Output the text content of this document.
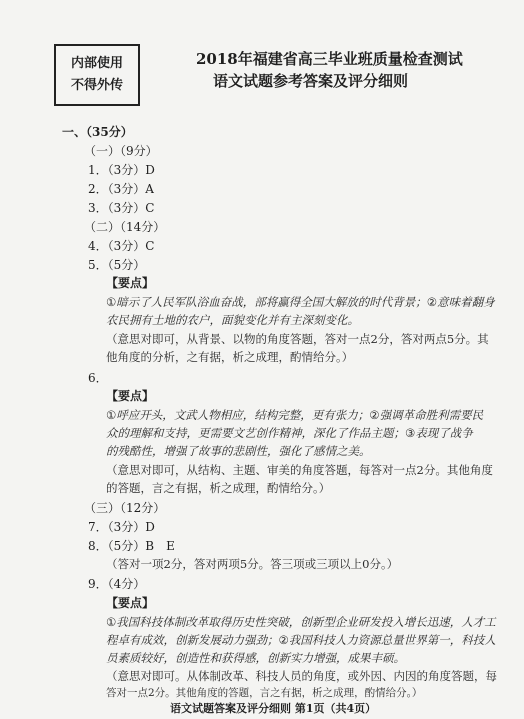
内部使用
不得外传
2018年福建省高三毕业班质量检查测试
语文试题参考答案及评分细则
一、（35分）
（一）（9分）
1．（3分）D
2．（3分）A
3．（3分）C
（二）（14分）
4．（3分）C
5．（5分）
【要点】
①暗示了人民军队浴血奋战，部将赢得全国大解放的时代背景；②意味着翻身
农民拥有土地的农户，面貌变化并有主深刻变化。
（意思对即可，从背景、以物的角度答题，答对一点2分，答对两点5分。其
他角度的分析，之有据，析之成理，酌情给分。）
6．
【要点】
①呼应开头，文武人物相应，结构完整，更有张力；②强调革命胜利需要民
众的理解和支持，更需要文艺创作精神，深化了作品主题；③表现了战争
的残酷性，增强了故事的悲剧性，强化了感情之美。
（意思对即可，从结构、主题、审美的角度答题，每答对一点2分。其他角度
的答题，言之有据，析之成理，酌情给分。）
（三）（12分）
7．（3分）D
8．（5分）B　E
（答对一项2分，答对两项5分。答三项或三项以上0分。）
9．（4分）
【要点】
①我国科技体制改革取得历史性突破，创新型企业研发投入增长迅速，人才工
程卓有成效，创新发展动力强劲；②我国科技人力资源总量世界第一，科技人
员素质较好，创造性和获得感，创新实力增强，成果丰硕。
（意思对即可。从体制改革、科技人员的角度，或外因、内因的角度答题，每
答对一点2分。其他角度的答题，言之有据，析之成理，酌情给分。）
语文试题答案及评分细则 第1页（共4页）
